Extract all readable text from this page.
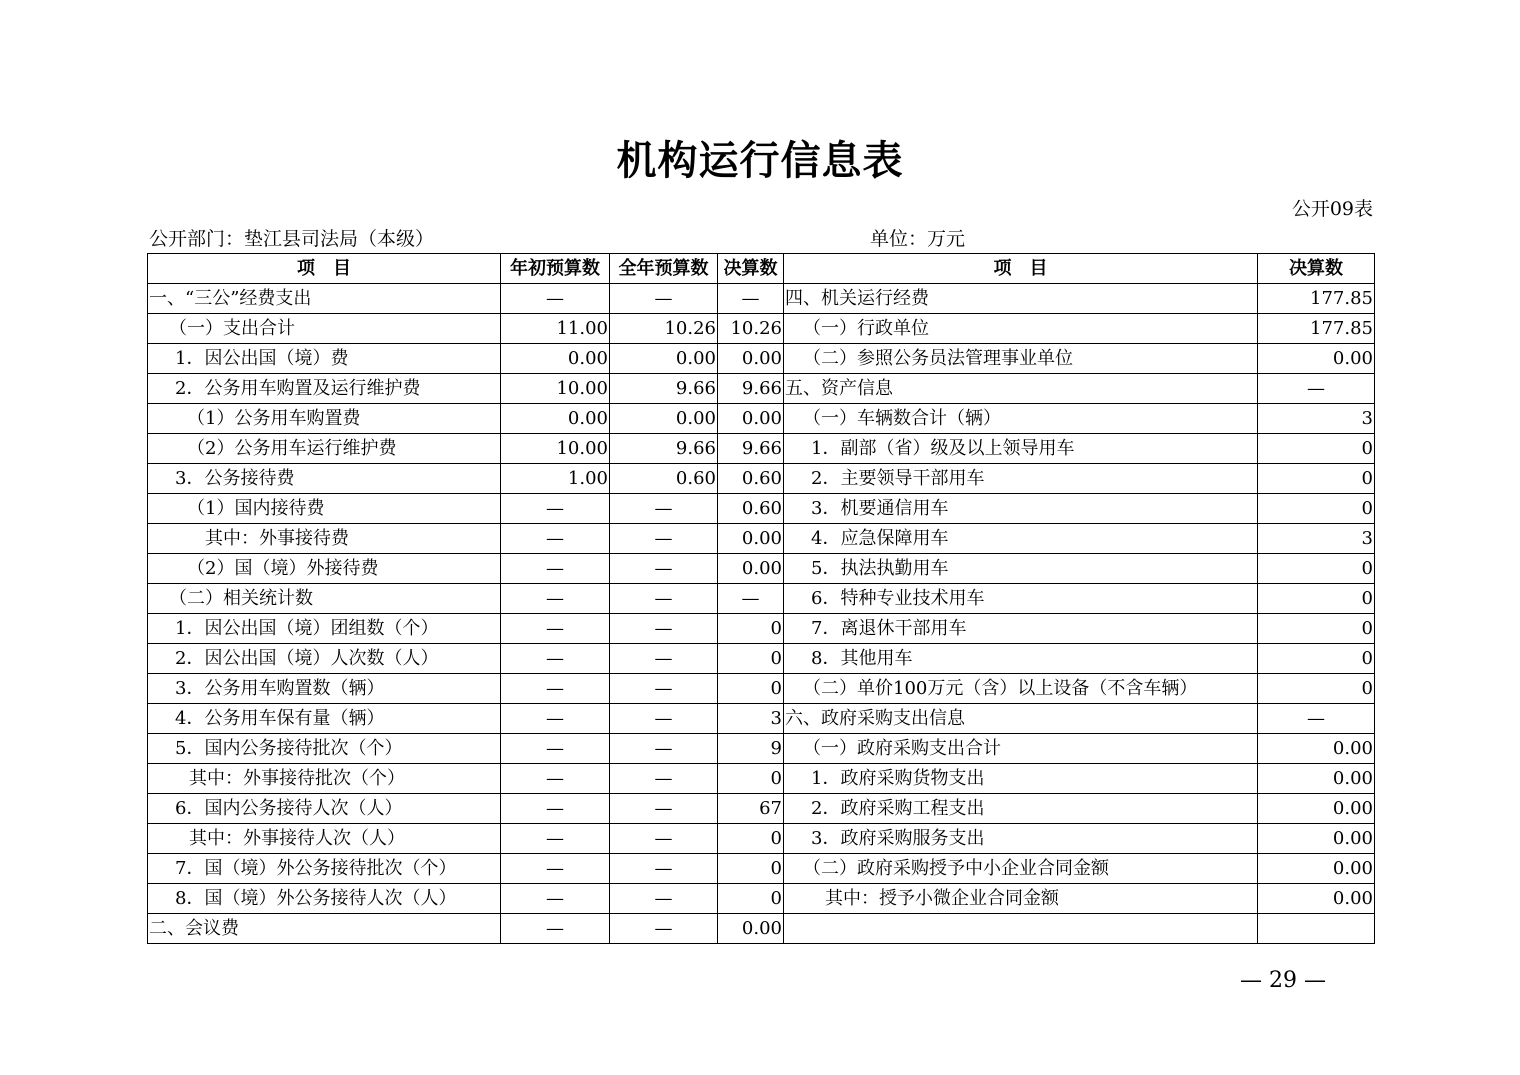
机构运行信息表
公开09表
公开部门：垫江县司法局（本级）	单位：万元
项　目	年初预算数	全年预算数	决算数	项　目	决算数
一、“三公”经费支出	—	—	—	四、机关运行经费	177.85
（一）支出合计	11.00	10.26	10.26	（一）行政单位	177.85
1．因公出国（境）费	0.00	0.00	0.00	（二）参照公务员法管理事业单位	0.00
2．公务用车购置及运行维护费	10.00	9.66	9.66	五、资产信息	—
（1）公务用车购置费	0.00	0.00	0.00	（一）车辆数合计（辆）	3
（2）公务用车运行维护费	10.00	9.66	9.66	1．副部（省）级及以上领导用车	0
3．公务接待费	1.00	0.60	0.60	2．主要领导干部用车	0
（1）国内接待费	—	—	0.60	3．机要通信用车	0
其中：外事接待费	—	—	0.00	4．应急保障用车	3
（2）国（境）外接待费	—	—	0.00	5．执法执勤用车	0
（二）相关统计数	—	—	—	6．特种专业技术用车	0
1．因公出国（境）团组数（个）	—	—	0	7．离退休干部用车	0
2．因公出国（境）人次数（人）	—	—	0	8．其他用车	0
3．公务用车购置数（辆）	—	—	0	（二）单价100万元（含）以上设备（不含车辆）	0
4．公务用车保有量（辆）	—	—	3	六、政府采购支出信息	—
5．国内公务接待批次（个）	—	—	9	（一）政府采购支出合计	0.00
其中：外事接待批次（个）	—	—	0	1．政府采购货物支出	0.00
6．国内公务接待人次（人）	—	—	67	2．政府采购工程支出	0.00
其中：外事接待人次（人）	—	—	0	3．政府采购服务支出	0.00
7．国（境）外公务接待批次（个）	—	—	0	（二）政府采购授予中小企业合同金额	0.00
8．国（境）外公务接待人次（人）	—	—	0	其中：授予小微企业合同金额	0.00
二、会议费	—	—	0.00		
— 29 —
